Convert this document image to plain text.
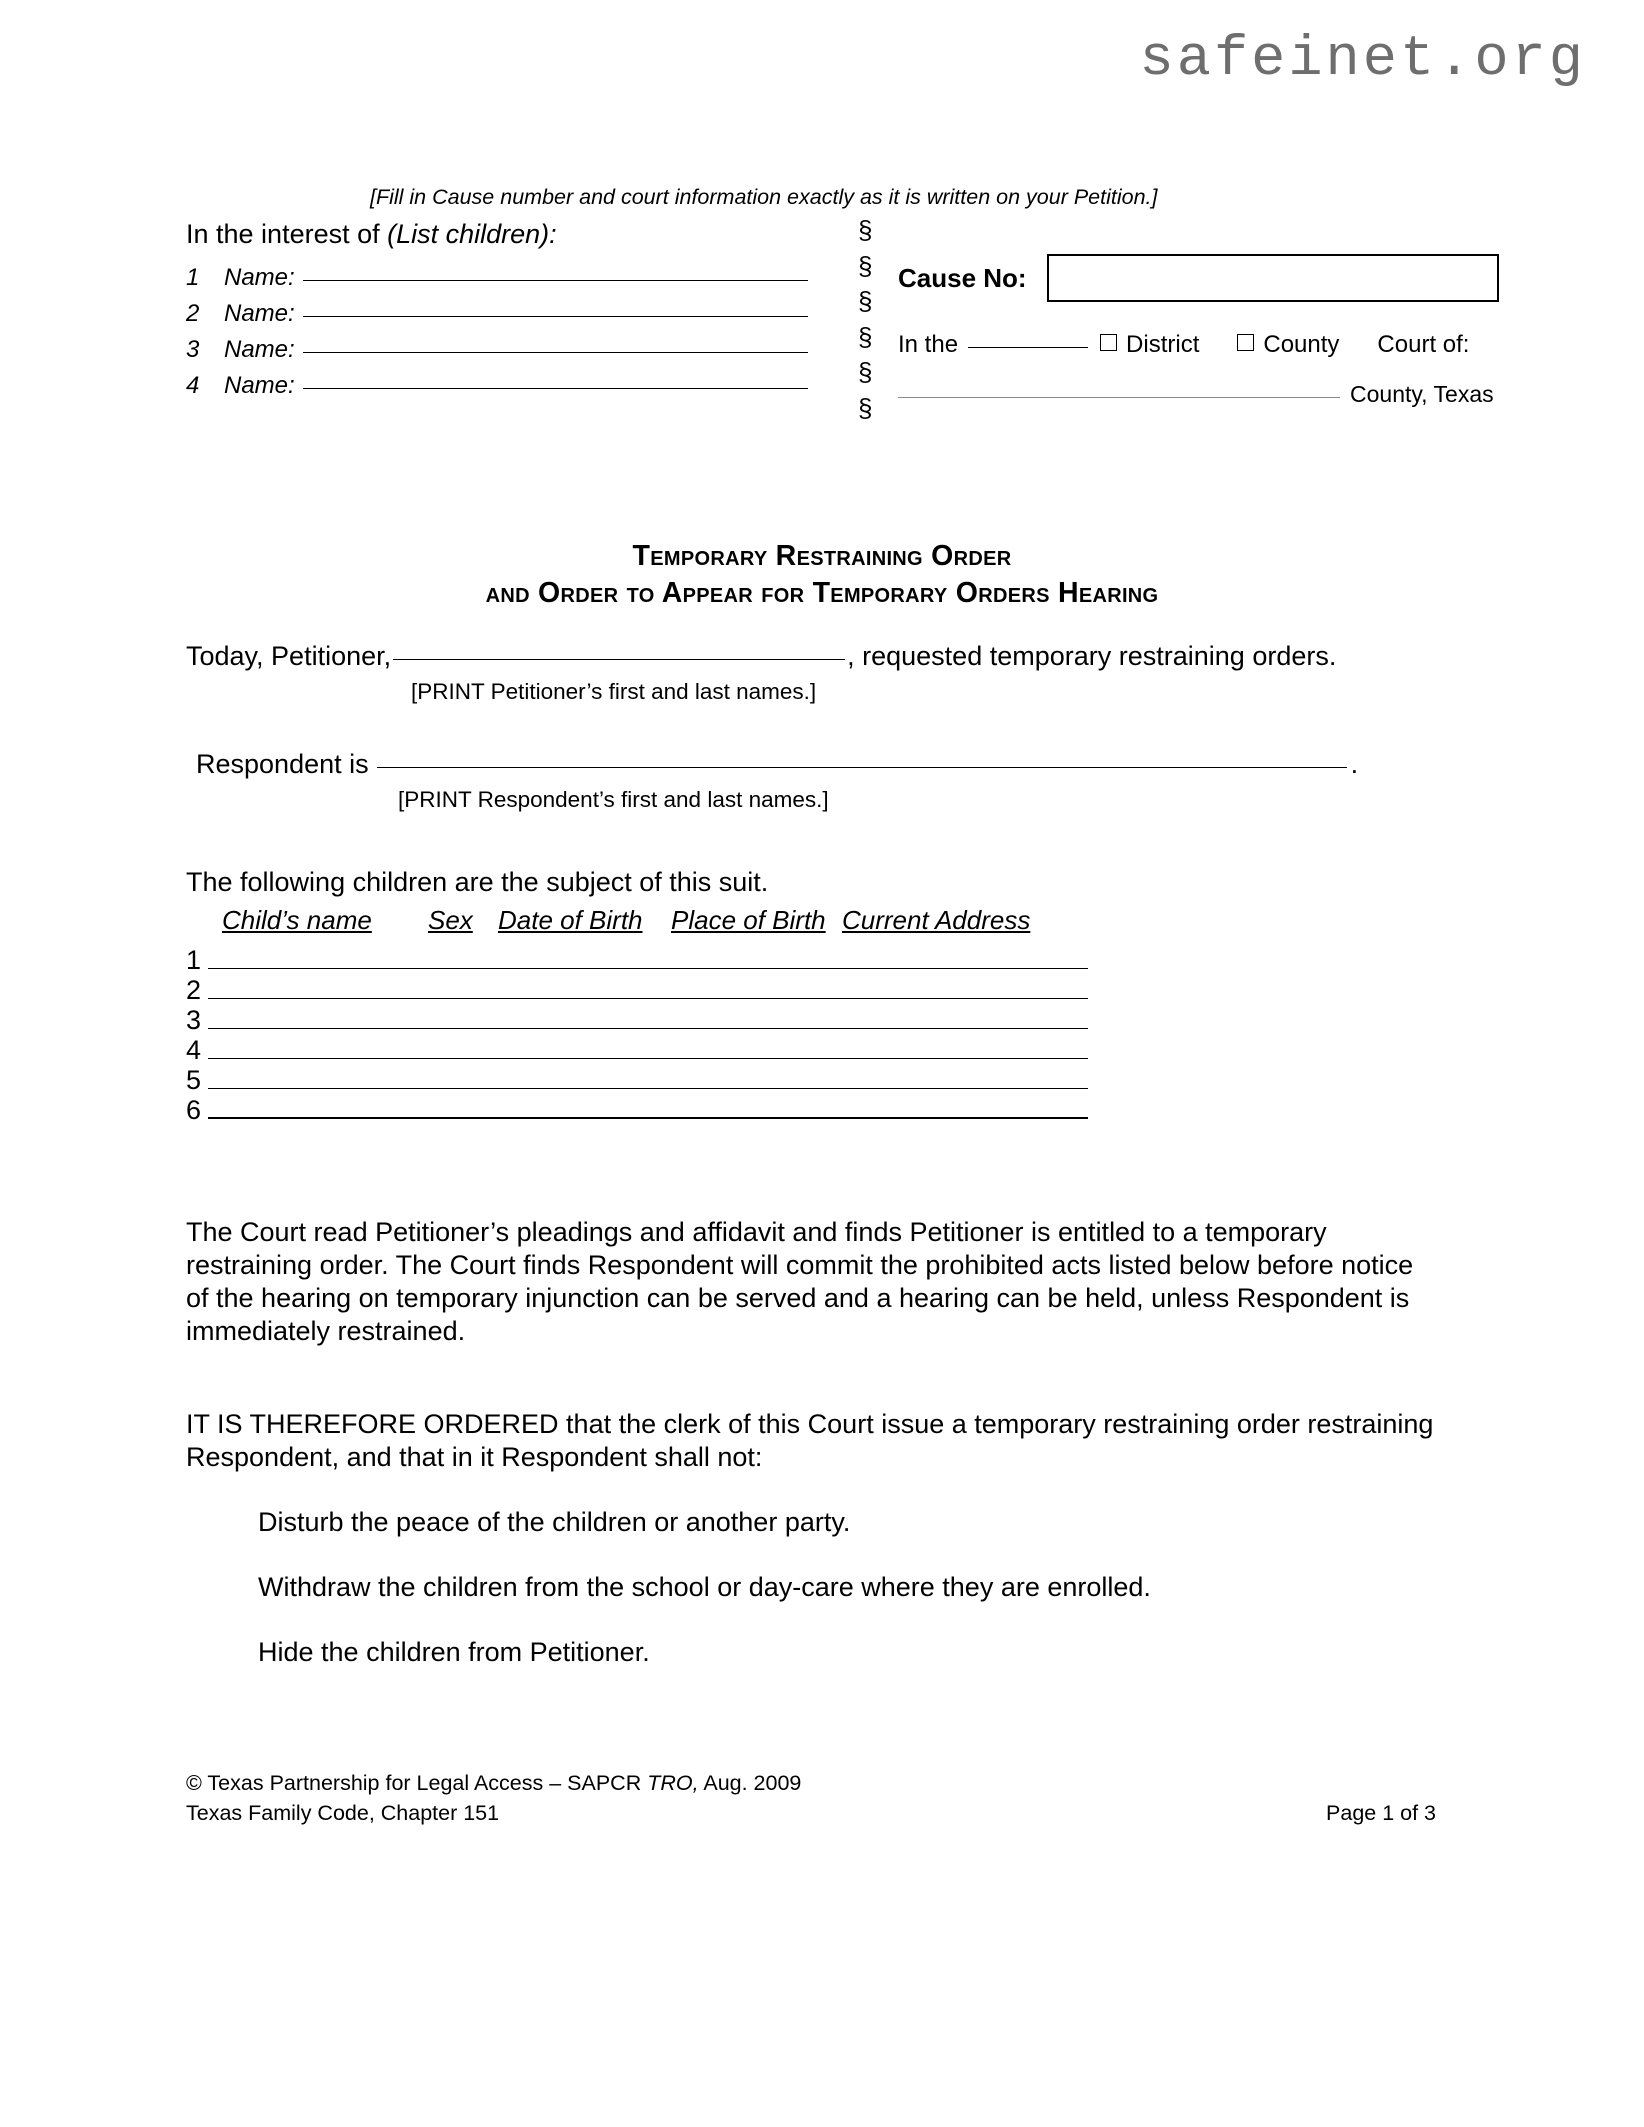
safeinet.org
[Fill in Cause number and court information exactly as it is written on your Petition.]
In the interest of (List children):
1	Name:
2	Name:
3	Name:
4	Name:
§
§
§
§
§
§
Cause No:
In the	District	County Court of:
County, Texas
Temporary Restraining Order
and Order to Appear for Temporary Orders Hearing
Today, Petitioner,	, requested temporary restraining orders.
[PRINT Petitioner’s first and last names.]
Respondent is	.
[PRINT Respondent’s first and last names.]
The following children are the subject of this suit.
Child’s name Sex Date of Birth Place of Birth Current Address
1
2
3
4
5
6
The Court read Petitioner’s pleadings and affidavit and finds Petitioner is entitled to a temporary restraining order. The Court finds Respondent will commit the prohibited acts listed below before notice of the hearing on temporary injunction can be served and a hearing can be held, unless Respondent is immediately restrained.
IT IS THEREFORE ORDERED that the clerk of this Court issue a temporary restraining order restraining Respondent, and that in it Respondent shall not:
Disturb the peace of the children or another party.
Withdraw the children from the school or day-care where they are enrolled.
Hide the children from Petitioner.
© Texas Partnership for Legal Access – SAPCR TRO, Aug. 2009
Texas Family Code, Chapter 151	Page 1 of 3
